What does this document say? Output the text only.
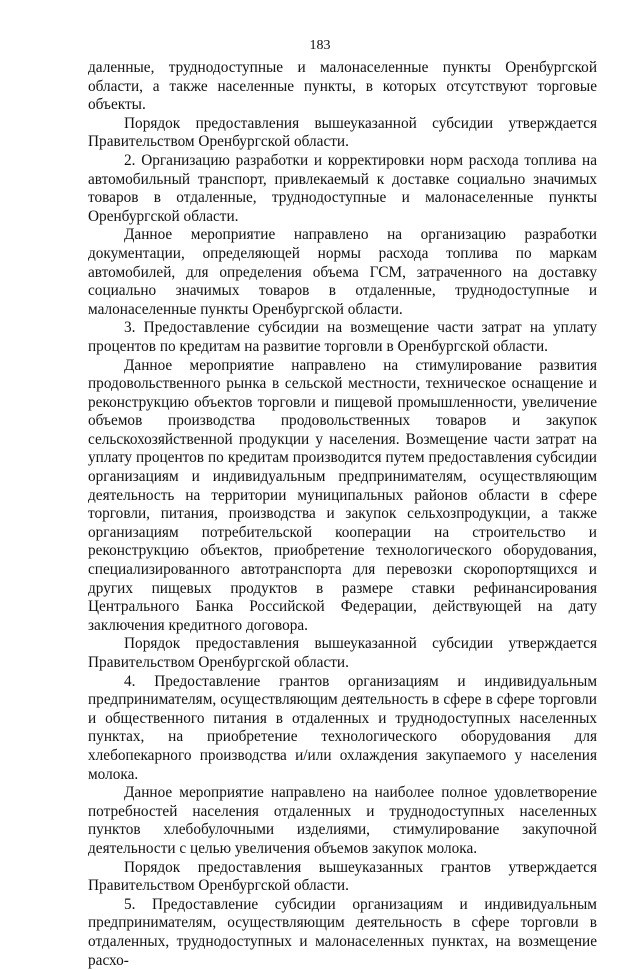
183

даленные, труднодоступные и малонаселенные пункты Оренбургской области, а также населенные пункты, в которых отсутствуют торговые объекты.

Порядок предоставления вышеуказанной субсидии утверждается Правительством Оренбургской области.

2. Организацию разработки и корректировки норм расхода топлива на автомобильный транспорт, привлекаемый к доставке социально значимых товаров в отдаленные, труднодоступные и малонаселенные пункты Оренбургской области.

Данное мероприятие направлено на организацию разработки документации, определяющей нормы расхода топлива по маркам автомобилей, для определения объема ГСМ, затраченного на доставку социально значимых товаров в отдаленные, труднодоступные и малонаселенные пункты Оренбургской области.

3. Предоставление субсидии на возмещение части затрат на уплату процентов по кредитам на развитие торговли в Оренбургской области.

Данное мероприятие направлено на стимулирование развития продовольственного рынка в сельской местности, техническое оснащение и реконструкцию объектов торговли и пищевой промышленности, увеличение объемов производства продовольственных товаров и закупок сельскохозяйственной продукции у населения. Возмещение части затрат на уплату процентов по кредитам производится путем предоставления субсидии организациям и индивидуальным предпринимателям, осуществляющим деятельность на территории муниципальных районов области в сфере торговли, питания, производства и закупок сельхозпродукции, а также организациям потребительской кооперации на строительство и реконструкцию объектов, приобретение технологического оборудования, специализированного автотранспорта для перевозки скоропортящихся и других пищевых продуктов в размере ставки рефинансирования Центрального Банка Российской Федерации, действующей на дату заключения кредитного договора.

Порядок предоставления вышеуказанной субсидии утверждается Правительством Оренбургской области.

4. Предоставление грантов организациям и индивидуальным предпринимателям, осуществляющим деятельность в сфере в сфере торговли и общественного питания в отдаленных и труднодоступных населенных пунктах, на приобретение технологического оборудования для хлебопекарного производства и/или охлаждения закупаемого у населения молока.

Данное мероприятие направлено на наиболее полное удовлетворение потребностей населения отдаленных и труднодоступных населенных пунктов хлебобулочными изделиями, стимулирование закупочной деятельности с целью увеличения объемов закупок молока.

Порядок предоставления вышеуказанных грантов утверждается Правительством Оренбургской области.

5. Предоставление субсидии организациям и индивидуальным предпринимателям, осуществляющим деятельность в сфере торговли в отдаленных, труднодоступных и малонаселенных пунктах, на возмещение расхо-
